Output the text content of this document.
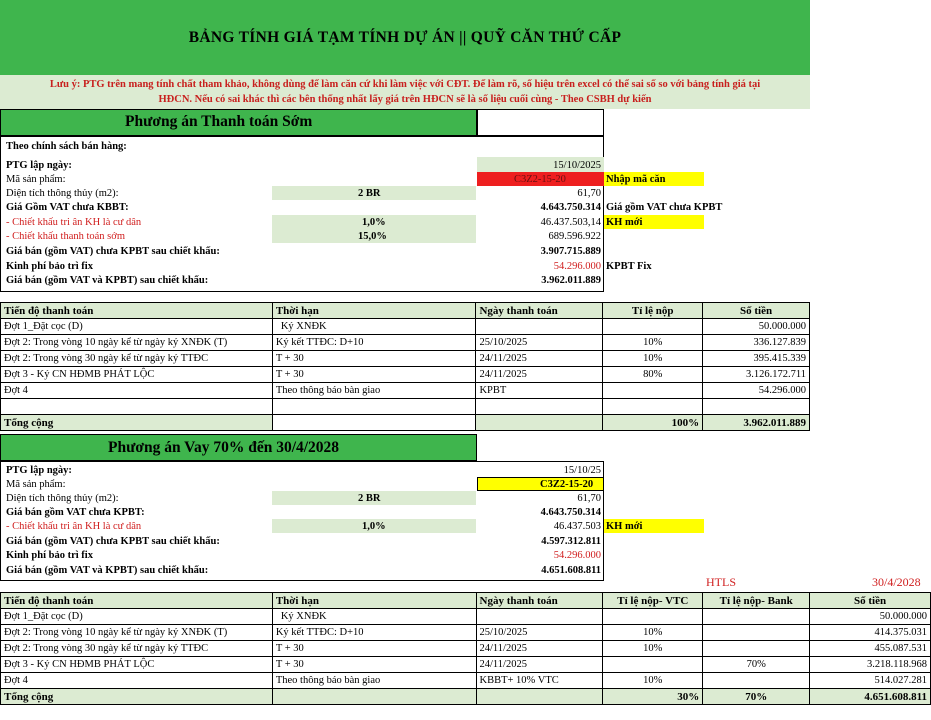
BẢNG TÍNH GIÁ TẠM TÍNH DỰ ÁN || QUỸ CĂN THỨ CẤP
Lưu ý: PTG trên mang tính chất tham khảo, không dùng để làm căn cứ khi làm việc với CĐT. Để làm rõ, số hiệu trên excel có thể sai số so với bảng tính giá tại
HĐCN. Nếu có sai khác thì các bên thống nhất lấy giá trên HĐCN sẽ là số liệu cuối cùng - Theo CSBH dự kiến
Phương án Thanh toán Sớm
Theo chính sách bán hàng:
PTG lập ngày:	15/10/2025
Mã sản phẩm:	C3Z2-15-20	Nhập mã căn
Diện tích thông thủy (m2):	2 BR	61,70
Giá Gồm VAT chưa KBBT:	4.643.750.314 Giá gồm VAT chưa KPBT
- Chiết khấu tri ân KH là cư dân	1,0%	46.437.503,14 KH mới
- Chiết khấu thanh toán sớm	15,0%	689.596.922
Giá bán (gồm VAT) chưa KPBT sau chiết khấu:	3.907.715.889
Kinh phí bảo trì fix	54.296.000 KPBT Fix
Giá bán (gồm VAT và KPBT) sau chiết khấu:	3.962.011.889
Tiến độ thanh toán	Thời hạn	Ngày thanh toán	Tỉ lệ nộp	Số tiền
Đợt 1_Đặt cọc (D)	Ký XNĐK			50.000.000
Đợt 2: Trong vòng 10 ngày kể từ ngày ký XNĐK (T)	Ký kết TTĐC: D+10	25/10/2025	10%	336.127.839
Đợt 2: Trong vòng 30 ngày kể từ ngày ký TTĐC	T + 30	24/11/2025	10%	395.415.339
Đợt 3 - Ký CN HĐMB PHÁT LỘC	T + 30	24/11/2025	80%	3.126.172.711
Đợt 4	Theo thông báo bàn giao	KPBT		54.296.000

Tổng cộng			100%	3.962.011.889
Phương án Vay 70% đến 30/4/2028
PTG lập ngày:	15/10/25
Mã sản phẩm:	C3Z2-15-20
Diện tích thông thủy (m2):	2 BR	61,70
Giá bán gồm VAT chưa KPBT:	4.643.750.314
- Chiết khấu tri ân KH là cư dân	1,0%	46.437.503 KH mới
Giá bán (gồm VAT) chưa KPBT sau chiết khấu:	4.597.312.811
Kinh phí bảo trì fix	54.296.000
Giá bán (gồm VAT và KPBT) sau chiết khấu:	4.651.608.811
HTLS	30/4/2028
Tiến độ thanh toán	Thời hạn	Ngày thanh toán	Tỉ lệ nộp- VTC	Tỉ lệ nộp- Bank	Số tiền
Đợt 1_Đặt cọc (D)	Ký XNĐK				50.000.000
Đợt 2: Trong vòng 10 ngày kể từ ngày ký XNĐK (T)	Ký kết TTĐC: D+10	25/10/2025	10%		414.375.031
Đợt 2: Trong vòng 30 ngày kể từ ngày ký TTĐC	T + 30	24/11/2025	10%		455.087.531
Đợt 3 - Ký CN HĐMB PHÁT LỘC	T + 30	24/11/2025		70%	3.218.118.968
Đợt 4	Theo thông báo bàn giao	KBBT+ 10% VTC	10%		514.027.281
Tổng cộng			30%	70%	4.651.608.811
